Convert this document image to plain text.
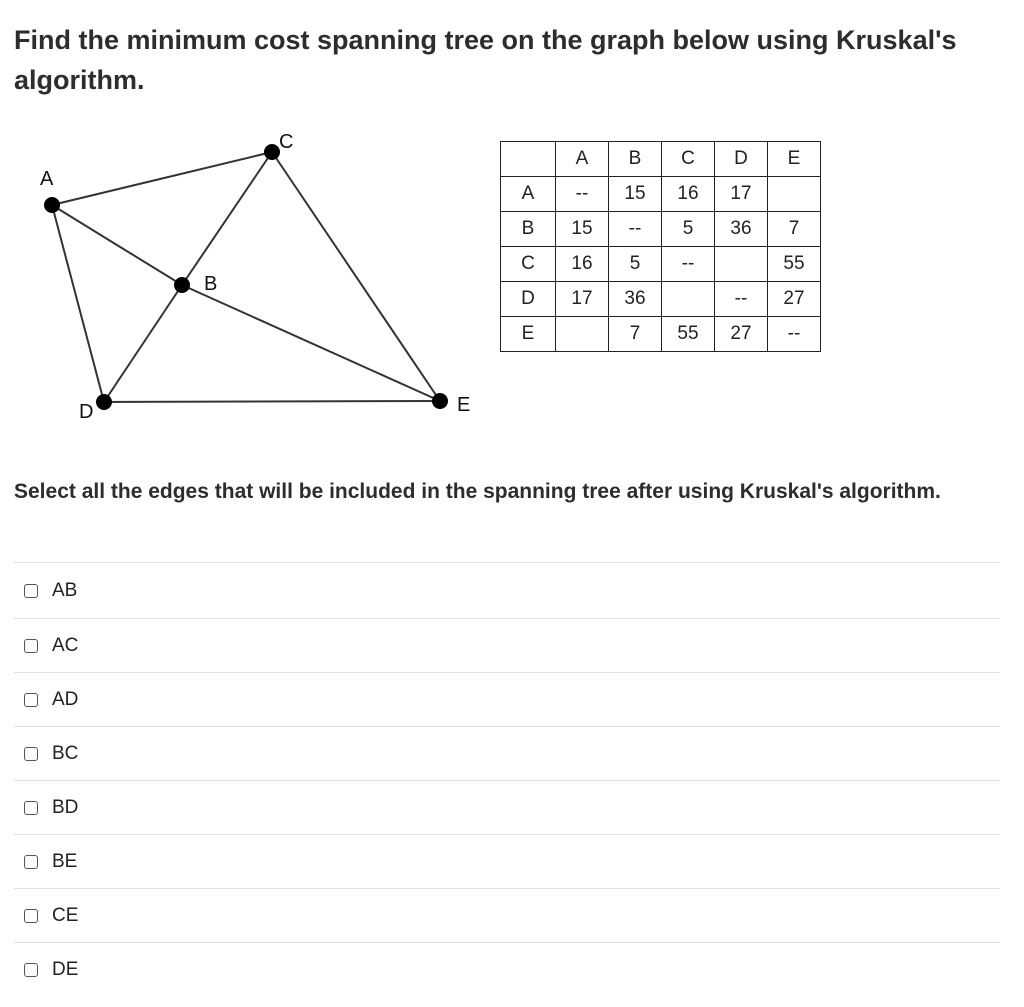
Find the minimum cost spanning tree on the graph below using Kruskal's algorithm.
A
B
C
D	E
	A	B	C	D	E
A	--	15	16	17	
B	15	--	5	36	7
C	16	5	--		55
D	17	36		--	27
E		7	55	27	--
Select all the edges that will be included in the spanning tree after using Kruskal's algorithm.
AB
AC
AD
BC
BD
BE
CE
DE
